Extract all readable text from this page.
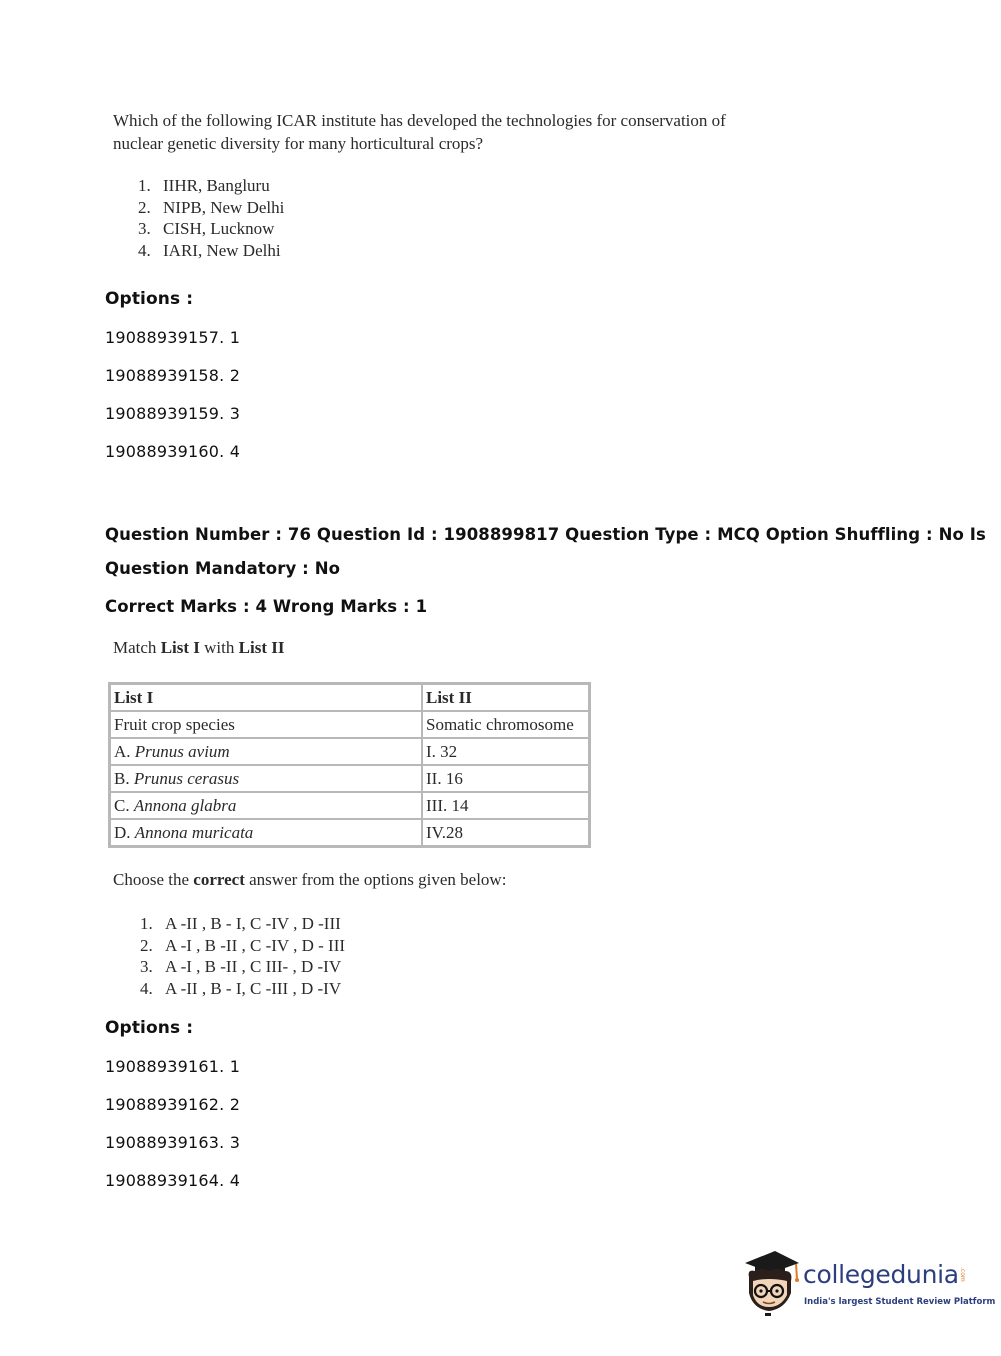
Which of the following ICAR institute has developed the technologies for conservation of
nuclear genetic diversity for many horticultural crops?
1. IIHR, Bangluru
2. NIPB, New Delhi
3. CISH, Lucknow
4. IARI, New Delhi
Options :
19088939157. 1
19088939158. 2
19088939159. 3
19088939160. 4
Question Number : 76 Question Id : 1908899817 Question Type : MCQ Option Shuffling : No Is
Question Mandatory : No
Correct Marks : 4 Wrong Marks : 1
Match List I with List II
List I	List II
Fruit crop species	Somatic chromosome
A. Prunus avium	I. 32
B. Prunus cerasus	II. 16
C. Annona glabra	III. 14
D. Annona muricata	IV.28
Choose the correct answer from the options given below:
1. A -II , B - I, C -IV , D -III
2. A -I , B -II , C -IV , D - III
3. A -I , B -II , C III- , D -IV
4. A -II , B - I, C -III , D -IV
Options :
19088939161. 1
19088939162. 2
19088939163. 3
19088939164. 4
collegedunia .com
India's largest Student Review Platform
